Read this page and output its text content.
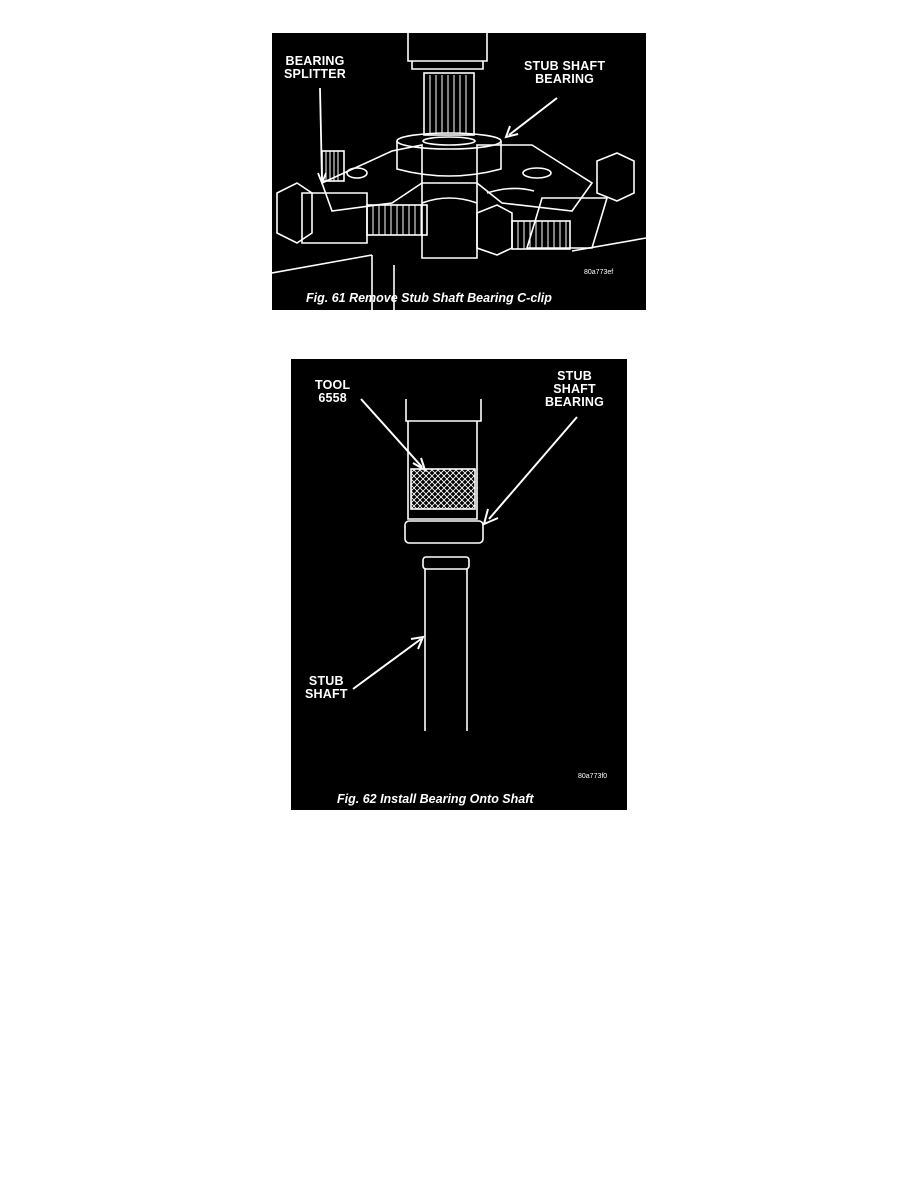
BEARING
SPLITTER
STUB SHAFT
BEARING
80a773ef
Fig. 61 Remove Stub Shaft Bearing C-clip
TOOL
6558
STUB
SHAFT
BEARING
STUB
SHAFT
80a773f0
Fig. 62 Install Bearing Onto Shaft
